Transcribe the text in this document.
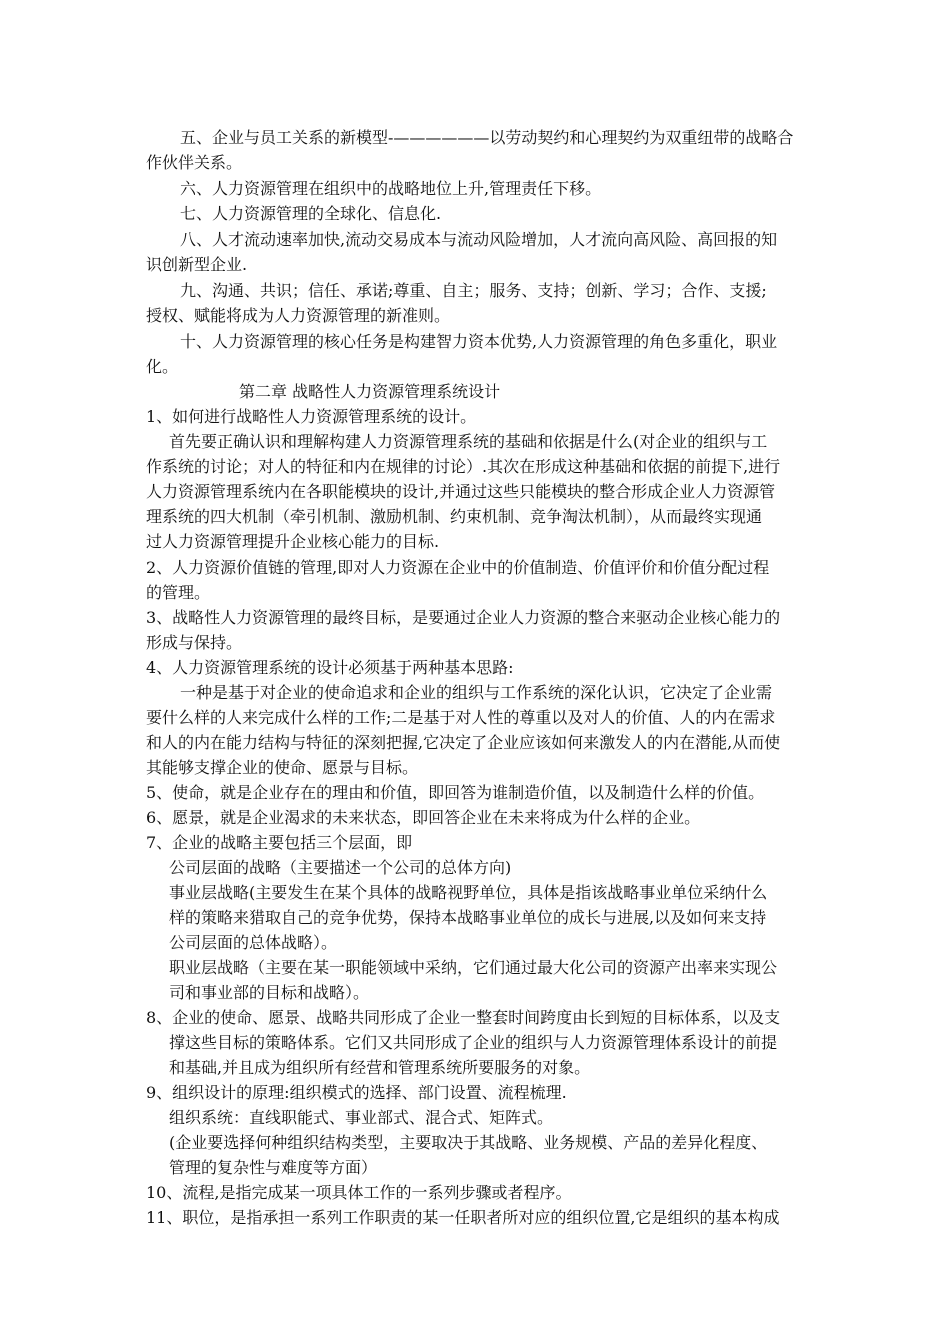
五、企业与员工关系的新模型-——————以劳动契约和心理契约为双重纽带的战略合
作伙伴关系。
六、人力资源管理在组织中的战略地位上升,管理责任下移。
七、人力资源管理的全球化、信息化.
八、人才流动速率加快,流动交易成本与流动风险增加，人才流向高风险、高回报的知
识创新型企业.
九、沟通、共识；信任、承诺;尊重、自主；服务、支持；创新、学习；合作、支援;
授权、赋能将成为人力资源管理的新准则。
十、人力资源管理的核心任务是构建智力资本优势,人力资源管理的角色多重化，职业
化。
第二章 战略性人力资源管理系统设计
1、如何进行战略性人力资源管理系统的设计。
首先要正确认识和理解构建人力资源管理系统的基础和依据是什么(对企业的组织与工
作系统的讨论；对人的特征和内在规律的讨论）.其次在形成这种基础和依据的前提下,进行
人力资源管理系统内在各职能模块的设计,并通过这些只能模块的整合形成企业人力资源管
理系统的四大机制（牵引机制、激励机制、约束机制、竞争淘汰机制），从而最终实现通
过人力资源管理提升企业核心能力的目标.
2、人力资源价值链的管理,即对人力资源在企业中的价值制造、价值评价和价值分配过程
的管理。
3、战略性人力资源管理的最终目标，是要通过企业人力资源的整合来驱动企业核心能力的
形成与保持。
4、人力资源管理系统的设计必须基于两种基本思路:
一种是基于对企业的使命追求和企业的组织与工作系统的深化认识，它决定了企业需
要什么样的人来完成什么样的工作;二是基于对人性的尊重以及对人的价值、人的内在需求
和人的内在能力结构与特征的深刻把握,它决定了企业应该如何来激发人的内在潜能,从而使
其能够支撑企业的使命、愿景与目标。
5、使命，就是企业存在的理由和价值，即回答为谁制造价值，以及制造什么样的价值。
6、愿景，就是企业渴求的未来状态，即回答企业在未来将成为什么样的企业。
7、企业的战略主要包括三个层面，即
公司层面的战略（主要描述一个公司的总体方向)
事业层战略(主要发生在某个具体的战略视野单位，具体是指该战略事业单位采纳什么
样的策略来猎取自己的竞争优势，保持本战略事业单位的成长与进展,以及如何来支持
公司层面的总体战略）。
职业层战略（主要在某一职能领域中采纳，它们通过最大化公司的资源产出率来实现公
司和事业部的目标和战略）。
8、企业的使命、愿景、战略共同形成了企业一整套时间跨度由长到短的目标体系，以及支
撑这些目标的策略体系。它们又共同形成了企业的组织与人力资源管理体系设计的前提
和基础,并且成为组织所有经营和管理系统所要服务的对象。
9、组织设计的原理:组织模式的选择、部门设置、流程梳理.
组织系统：直线职能式、事业部式、混合式、矩阵式。
(企业要选择何种组织结构类型，主要取决于其战略、业务规模、产品的差异化程度、
管理的复杂性与难度等方面）
10、流程,是指完成某一项具体工作的一系列步骤或者程序。
11、职位，是指承担一系列工作职责的某一任职者所对应的组织位置,它是组织的基本构成
